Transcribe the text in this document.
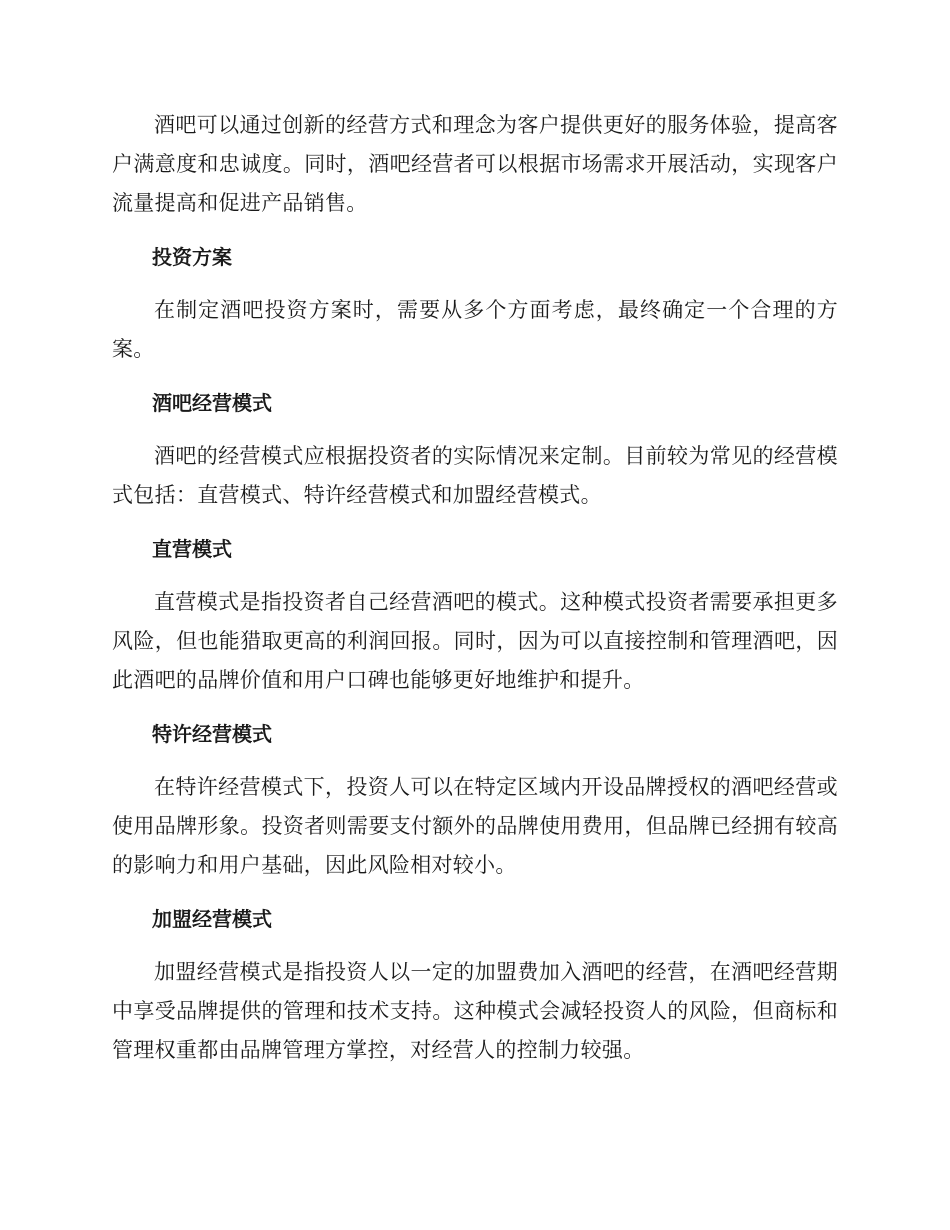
酒吧可以通过创新的经营方式和理念为客户提供更好的服务体验，提高客户满意度和忠诚度。同时，酒吧经营者可以根据市场需求开展活动，实现客户流量提高和促进产品销售。

投资方案

在制定酒吧投资方案时，需要从多个方面考虑，最终确定一个合理的方案。

酒吧经营模式

酒吧的经营模式应根据投资者的实际情况来定制。目前较为常见的经营模式包括：直营模式、特许经营模式和加盟经营模式。

直营模式

直营模式是指投资者自己经营酒吧的模式。这种模式投资者需要承担更多风险，但也能猎取更高的利润回报。同时，因为可以直接控制和管理酒吧，因此酒吧的品牌价值和用户口碑也能够更好地维护和提升。

特许经营模式

在特许经营模式下，投资人可以在特定区域内开设品牌授权的酒吧经营或使用品牌形象。投资者则需要支付额外的品牌使用费用，但品牌已经拥有较高的影响力和用户基础，因此风险相对较小。

加盟经营模式

加盟经营模式是指投资人以一定的加盟费加入酒吧的经营，在酒吧经营期中享受品牌提供的管理和技术支持。这种模式会减轻投资人的风险，但商标和管理权重都由品牌管理方掌控，对经营人的控制力较强。
